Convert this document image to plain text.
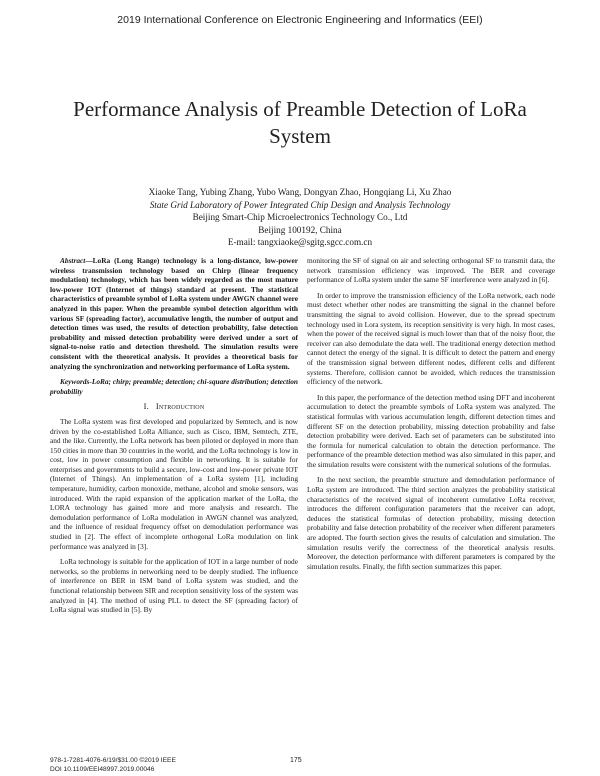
2019 International Conference on Electronic Engineering and Informatics (EEI)
Performance Analysis of Preamble Detection of LoRa System
Xiaoke Tang, Yubing Zhang, Yubo Wang, Dongyan Zhao, Hongqiang Li, Xu Zhao
State Grid Laboratory of Power Integrated Chip Design and Analysis Technology
Beijing Smart-Chip Microelectronics Technology Co., Ltd
Beijing 100192, China
E-mail: tangxiaoke@sgitg.sgcc.com.cn

Abstract—LoRa (Long Range) technology is a long-distance, low-power wireless transmission technology based on Chirp (linear frequency modulation) technology, which has been widely regarded as the most mature low-power IOT (Internet of things) standard at present. The statistical characteristics of preamble symbol of LoRa system under AWGN channel were analyzed in this paper. When the preamble symbol detection algorithm with various SF (spreading factor), accumulative length, the number of output and detection times was used, the results of detection probability, false detection probability and missed detection probability were derived under a sort of signal-to-noise ratio and detection threshold. The simulation results were consistent with the theoretical analysis. It provides a theoretical basis for analyzing the synchronization and networking performance of LoRa system.

Keywords-LoRa; chirp; preamble; detection; chi-square distribution; detection probability

I. Introduction

The LoRa system was first developed and popularized by Semtech, and is now driven by the co-established LoRa Alliance, such as Cisco, IBM, Semtech, ZTE, and the like. Currently, the LoRa network has been piloted or deployed in more than 150 cities in more than 30 countries in the world, and the LoRa technology is low in cost, low in power consumption and flexible in networking. It is suitable for enterprises and governments to build a secure, low-cost and low-power private IOT (Internet of Things). An implementation of a LoRa system [1], including temperature, humidity, carbon monoxide, methane, alcohol and smoke sensors, was introduced. With the rapid expansion of the application market of the LoRa, the LORA technology has gained more and more analysis and research. The demodulation performance of LoRa modulation in AWGN channel was analyzed, and the influence of residual frequency offset on demodulation performance was studied in [2]. The effect of incomplete orthogonal LoRa modulation on link performance was analyzed in [3].

LoRa technology is suitable for the application of IOT in a large number of node networks, so the problems in networking need to be deeply studied. The influence of interference on BER in ISM band of LoRa system was studied, and the functional relationship between SIR and reception sensitivity loss of the system was analyzed in [4]. The method of using PLL to detect the SF (spreading factor) of LoRa signal was studied in [5]. By

monitoring the SF of signal on air and selecting orthogonal SF to transmit data, the network transmission efficiency was improved. The BER and coverage performance of LoRa system under the same SF interference were analyzed in [6].

In order to improve the transmission efficiency of the LoRa network, each node must detect whether other nodes are transmitting the signal in the channel before transmitting the signal to avoid collision. However, due to the spread spectrum technology used in Lora system, its reception sensitivity is very high. In most cases, when the power of the received signal is much lower than that of the noisy floor, the receiver can also demodulate the data well. The traditional energy detection method cannot detect the energy of the signal. It is difficult to detect the pattern and energy of the transmission signal between different nodes, different cells and different systems. Therefore, collision cannot be avoided, which reduces the transmission efficiency of the network.

In this paper, the performance of the detection method using DFT and incoherent accumulation to detect the preamble symbols of LoRa system was analyzed. The statistical formulas with various accumulation length, different detection times and different SF on the detection probability, missing detection probability and false detection probability were derived. Each set of parameters can be substituted into the formula for numerical calculation to obtain the detection performance. The performance of the preamble detection method was also simulated in this paper, and the simulation results were consistent with the numerical solutions of the formulas.

In the next section, the preamble structure and demodulation performance of LoRa system are introduced. The third section analyzes the probability statistical characteristics of the received signal of incoherent cumulative LoRa receiver, introduces the different configuration parameters that the receiver can adopt, deduces the statistical formulas of detection probability, missing detection probability and false detection probability of the receiver when different parameters are adopted. The fourth section gives the results of calculation and simulation. The simulation results verify the correctness of the theoretical analysis results. Moreover, the detection performance with different parameters is compared by the simulation results. Finally, the fifth section summarizes this paper.

978-1-7281-4076-6/19/$31.00 ©2019 IEEE
DOI 10.1109/EEI48997.2019.00046
175
